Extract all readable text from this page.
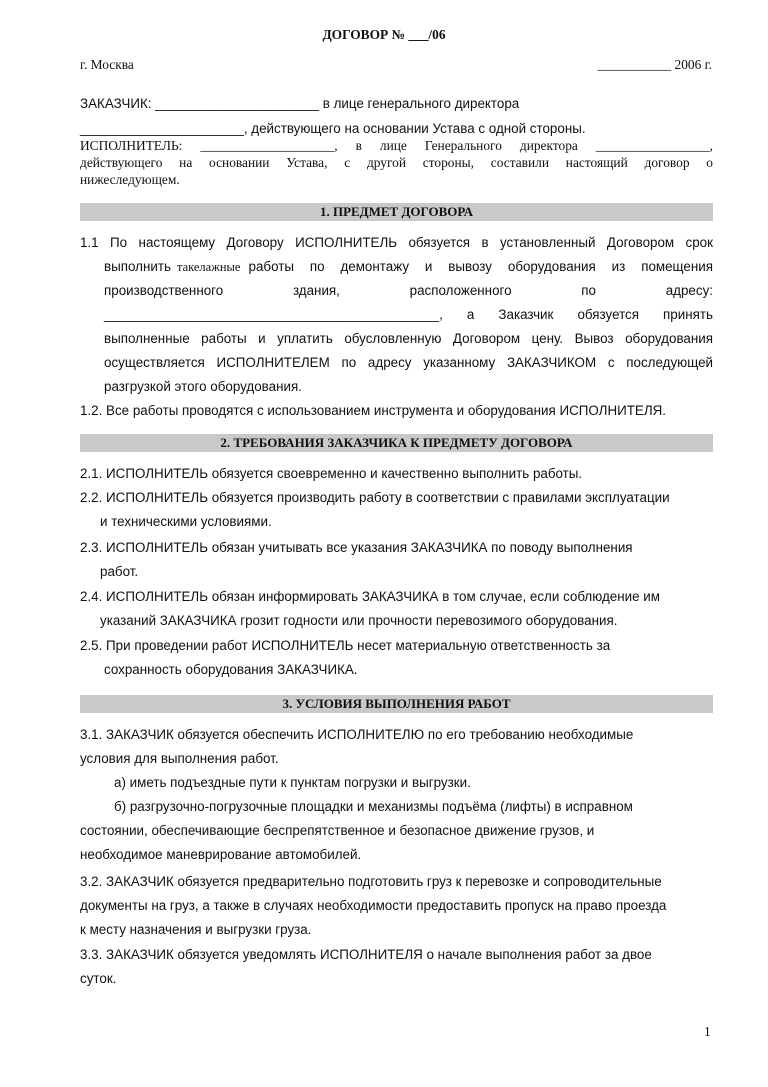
ДОГОВОР № ___/06
г. Москва	___________ 2006 г.
ЗАКАЗЧИК: ______________________ в лице генерального директора
______________________, действующего на основании Устава с одной стороны.
ИСПОЛНИТЕЛЬ: ____________________, в лице Генерального директора _________________,
действующего на основании Устава, с другой стороны, составили настоящий договор о
нижеследующем.
1. ПРЕДМЕТ ДОГОВОРА
1.1 По настоящему Договору ИСПОЛНИТЕЛЬ обязуется в установленный Договором срок
выполнить такелажные работы по демонтажу и вывозу оборудования из помещения
производственного здания, расположенного по адресу:
_____________________________________________, а Заказчик обязуется принять
выполненные работы и уплатить обусловленную Договором цену. Вывоз оборудования
осуществляется ИСПОЛНИТЕЛЕМ по адресу указанному ЗАКАЗЧИКОМ с последующей
разгрузкой этого оборудования.
1.2. Все работы проводятся с использованием инструмента и оборудования ИСПОЛНИТЕЛЯ.
2. ТРЕБОВАНИЯ ЗАКАЗЧИКА К ПРЕДМЕТУ ДОГОВОРА
2.1. ИСПОЛНИТЕЛЬ обязуется своевременно и качественно выполнить работы.
2.2. ИСПОЛНИТЕЛЬ обязуется производить работу в соответствии с правилами эксплуатации
и техническими условиями.
2.3. ИСПОЛНИТЕЛЬ обязан учитывать все указания ЗАКАЗЧИКА по поводу выполнения
работ.
2.4. ИСПОЛНИТЕЛЬ обязан информировать ЗАКАЗЧИКА в том случае, если соблюдение им
указаний ЗАКАЗЧИКА грозит годности или прочности перевозимого оборудования.
2.5. При проведении работ ИСПОЛНИТЕЛЬ несет материальную ответственность за
сохранность оборудования ЗАКАЗЧИКА.
3. УСЛОВИЯ ВЫПОЛНЕНИЯ РАБОТ
3.1. ЗАКАЗЧИК обязуется обеспечить ИСПОЛНИТЕЛЮ по его требованию необходимые
условия для выполнения работ.
а) иметь подъездные пути к пунктам погрузки и выгрузки.
б) разгрузочно-погрузочные площадки и механизмы подъёма (лифты) в исправном
состоянии, обеспечивающие беспрепятственное и безопасное движение грузов, и
необходимое маневрирование автомобилей.
3.2. ЗАКАЗЧИК обязуется предварительно подготовить груз к перевозке и сопроводительные
документы на груз, а также в случаях необходимости предоставить пропуск на право проезда
к месту назначения и выгрузки груза.
3.3. ЗАКАЗЧИК обязуется уведомлять ИСПОЛНИТЕЛЯ о начале выполнения работ за двое
суток.
1
